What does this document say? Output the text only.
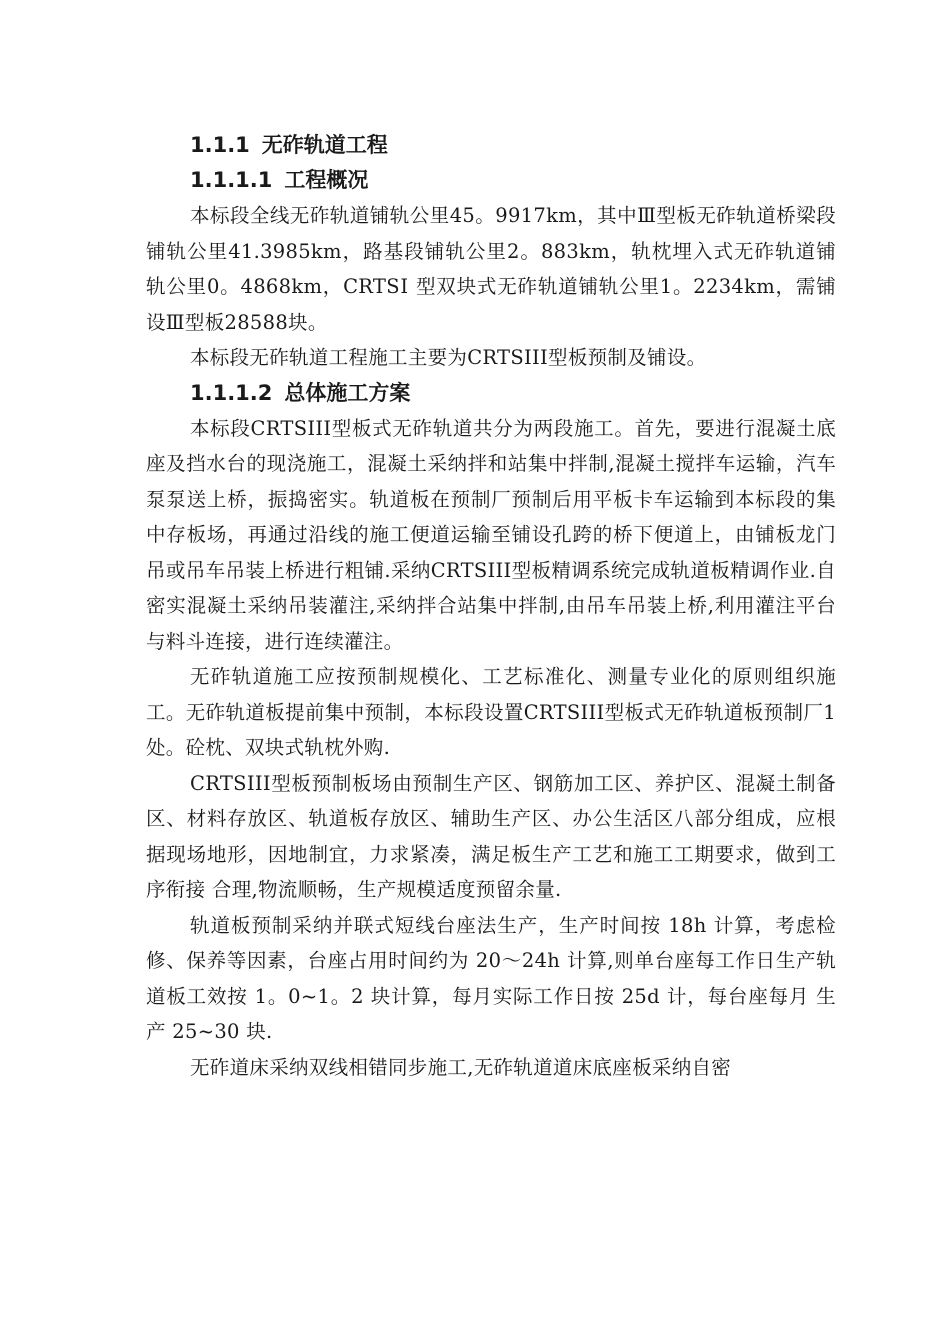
1.1.1 无砟轨道工程
1.1.1.1 工程概况

本标段全线无砟轨道铺轨公里45。9917km，其中Ⅲ型板无砟轨道桥梁段铺轨公里41.3985km，路基段铺轨公里2。883km，轨枕埋入式无砟轨道铺轨公里0。4868km，CRTSⅠ 型双块式无砟轨道铺轨公里1。2234km，需铺设Ⅲ型板28588块。

本标段无砟轨道工程施工主要为CRTSIII型板预制及铺设。

1.1.1.2 总体施工方案

本标段CRTSIII型板式无砟轨道共分为两段施工。首先，要进行混凝土底座及挡水台的现浇施工，混凝土采纳拌和站集中拌制,混凝土搅拌车运输，汽车泵泵送上桥，振捣密实。轨道板在预制厂预制后用平板卡车运输到本标段的集中存板场，再通过沿线的施工便道运输至铺设孔跨的桥下便道上，由铺板龙门吊或吊车吊装上桥进行粗铺.采纳CRTSIII型板精调系统完成轨道板精调作业.自密实混凝土采纳吊装灌注,采纳拌合站集中拌制,由吊车吊装上桥,利用灌注平台与料斗连接，进行连续灌注。

无砟轨道施工应按预制规模化、工艺标准化、测量专业化的原则组织施工。无砟轨道板提前集中预制，本标段设置CRTSIII型板式无砟轨道板预制厂1处。砼枕、双块式轨枕外购.

CRTSIII型板预制板场由预制生产区、钢筋加工区、养护区、混凝土制备区、材料存放区、轨道板存放区、辅助生产区、办公生活区八部分组成，应根据现场地形，因地制宜，力求紧凑，满足板生产工艺和施工工期要求，做到工序衔接 合理,物流顺畅，生产规模适度预留余量.

轨道板预制采纳并联式短线台座法生产，生产时间按 18h 计算，考虑检 修、保养等因素，台座占用时间约为 20～24h 计算,则单台座每工作日生产轨道板工效按 1。0~1。2 块计算，每月实际工作日按 25d 计，每台座每月 生产 25~30 块.

无砟道床采纳双线相错同步施工,无砟轨道道床底座板采纳自密
